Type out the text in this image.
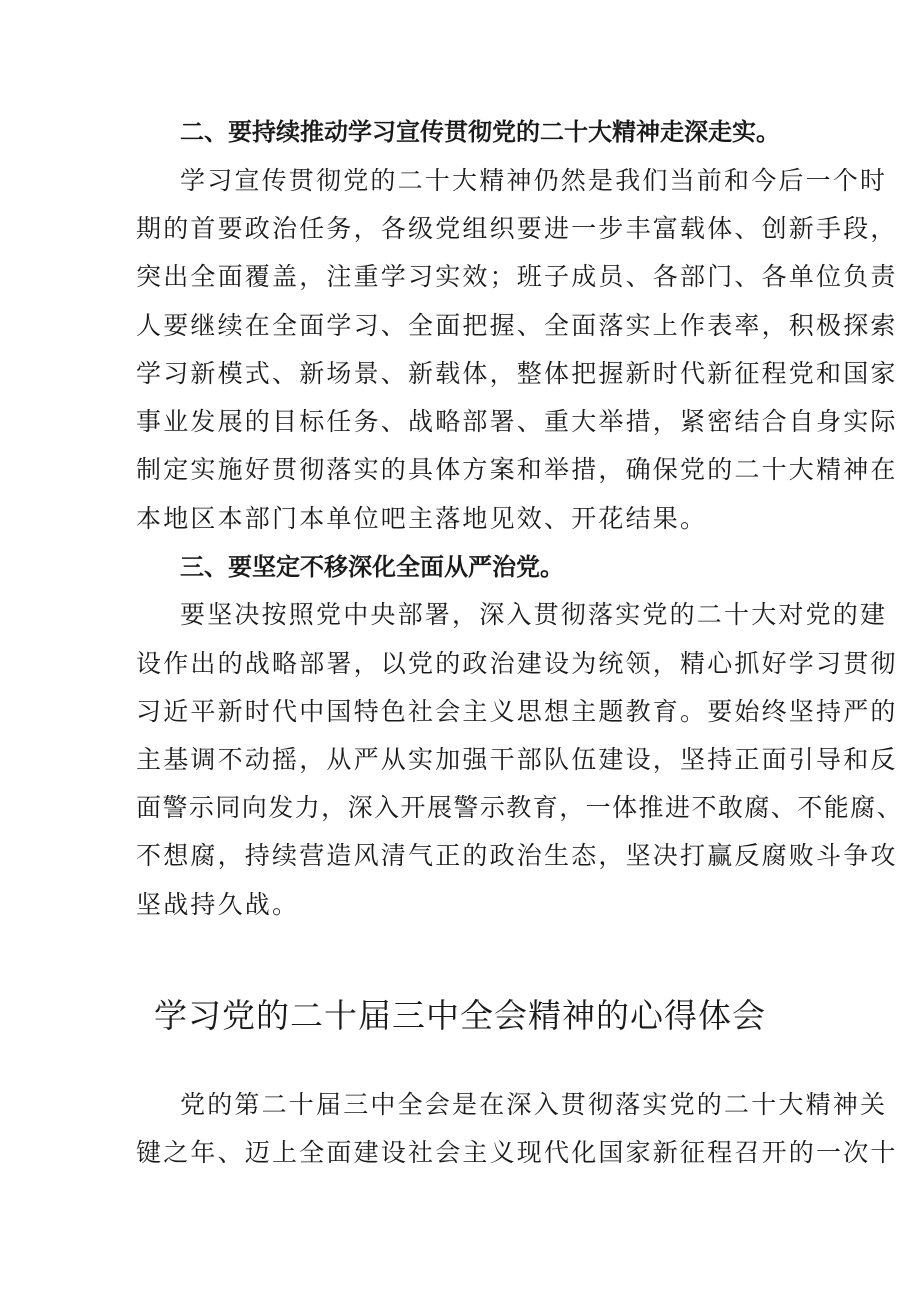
二、要持续推动学习宣传贯彻党的二十大精神走深走实。

学习宣传贯彻党的二十大精神仍然是我们当前和今后一个时

期的首要政治任务，各级党组织要进一步丰富载体、创新手段，

突出全面覆盖，注重学习实效；班子成员、各部门、各单位负责

人要继续在全面学习、全面把握、全面落实上作表率，积极探索

学习新模式、新场景、新载体，整体把握新时代新征程党和国家

事业发展的目标任务、战略部署、重大举措，紧密结合自身实际

制定实施好贯彻落实的具体方案和举措，确保党的二十大精神在

本地区本部门本单位吧主落地见效、开花结果。

三、要坚定不移深化全面从严治党。

要坚决按照党中央部署，深入贯彻落实党的二十大对党的建

设作出的战略部署，以党的政治建设为统领，精心抓好学习贯彻

习近平新时代中国特色社会主义思想主题教育。要始终坚持严的

主基调不动摇，从严从实加强干部队伍建设，坚持正面引导和反

面警示同向发力，深入开展警示教育，一体推进不敢腐、不能腐、

不想腐，持续营造风清气正的政治生态，坚决打赢反腐败斗争攻

坚战持久战。

学习党的二十届三中全会精神的心得体会

党的第二十届三中全会是在深入贯彻落实党的二十大精神关

键之年、迈上全面建设社会主义现代化国家新征程召开的一次十
